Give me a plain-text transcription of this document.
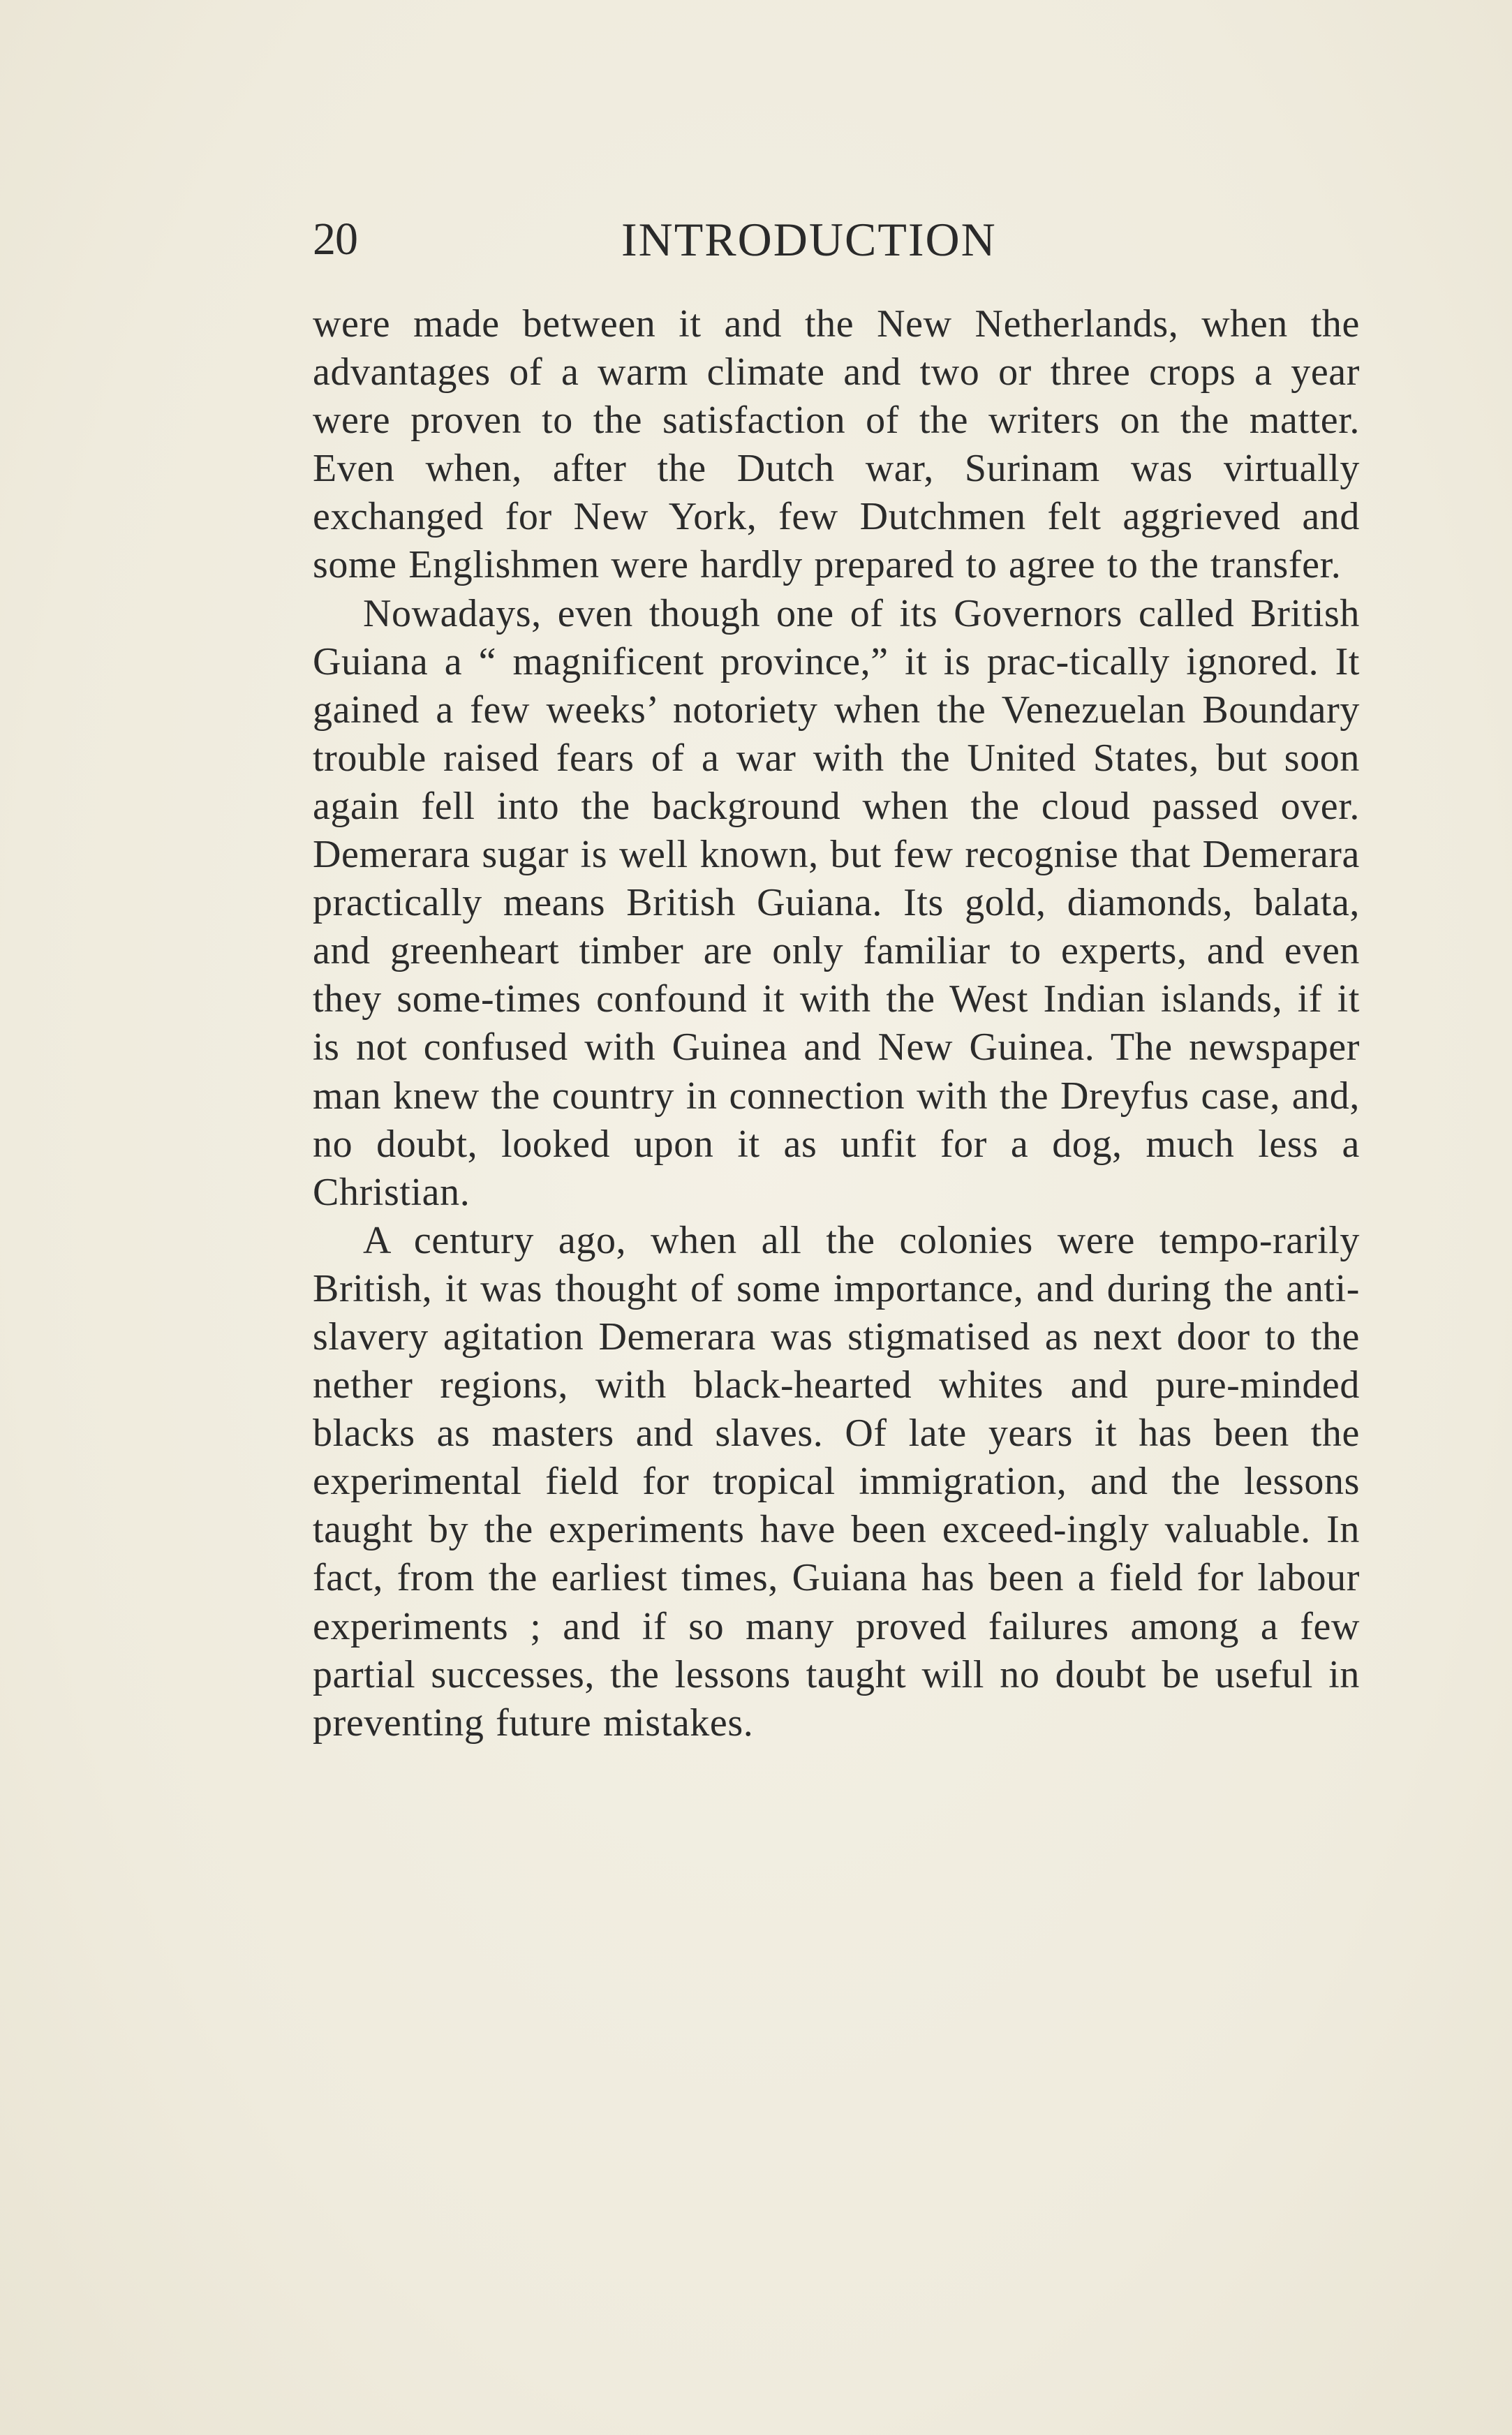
20	INTRODUCTION

were made between it and the New Netherlands, when the advantages of a warm climate and two or three crops a year were proven to the satisfaction of the writers on the matter. Even when, after the Dutch war, Surinam was virtually exchanged for New York, few Dutchmen felt aggrieved and some Englishmen were hardly prepared to agree to the transfer.

Nowadays, even though one of its Governors called British Guiana a “ magnificent province,” it is prac-tically ignored. It gained a few weeks’ notoriety when the Venezuelan Boundary trouble raised fears of a war with the United States, but soon again fell into the background when the cloud passed over. Demerara sugar is well known, but few recognise that Demerara practically means British Guiana. Its gold, diamonds, balata, and greenheart timber are only familiar to experts, and even they some-times confound it with the West Indian islands, if it is not confused with Guinea and New Guinea. The newspaper man knew the country in connection with the Dreyfus case, and, no doubt, looked upon it as unfit for a dog, much less a Christian.

A century ago, when all the colonies were tempo-rarily British, it was thought of some importance, and during the anti-slavery agitation Demerara was stigmatised as next door to the nether regions, with black-hearted whites and pure-minded blacks as masters and slaves. Of late years it has been the experimental field for tropical immigration, and the lessons taught by the experiments have been exceed-ingly valuable. In fact, from the earliest times, Guiana has been a field for labour experiments ; and if so many proved failures among a few partial successes, the lessons taught will no doubt be useful in preventing future mistakes.
